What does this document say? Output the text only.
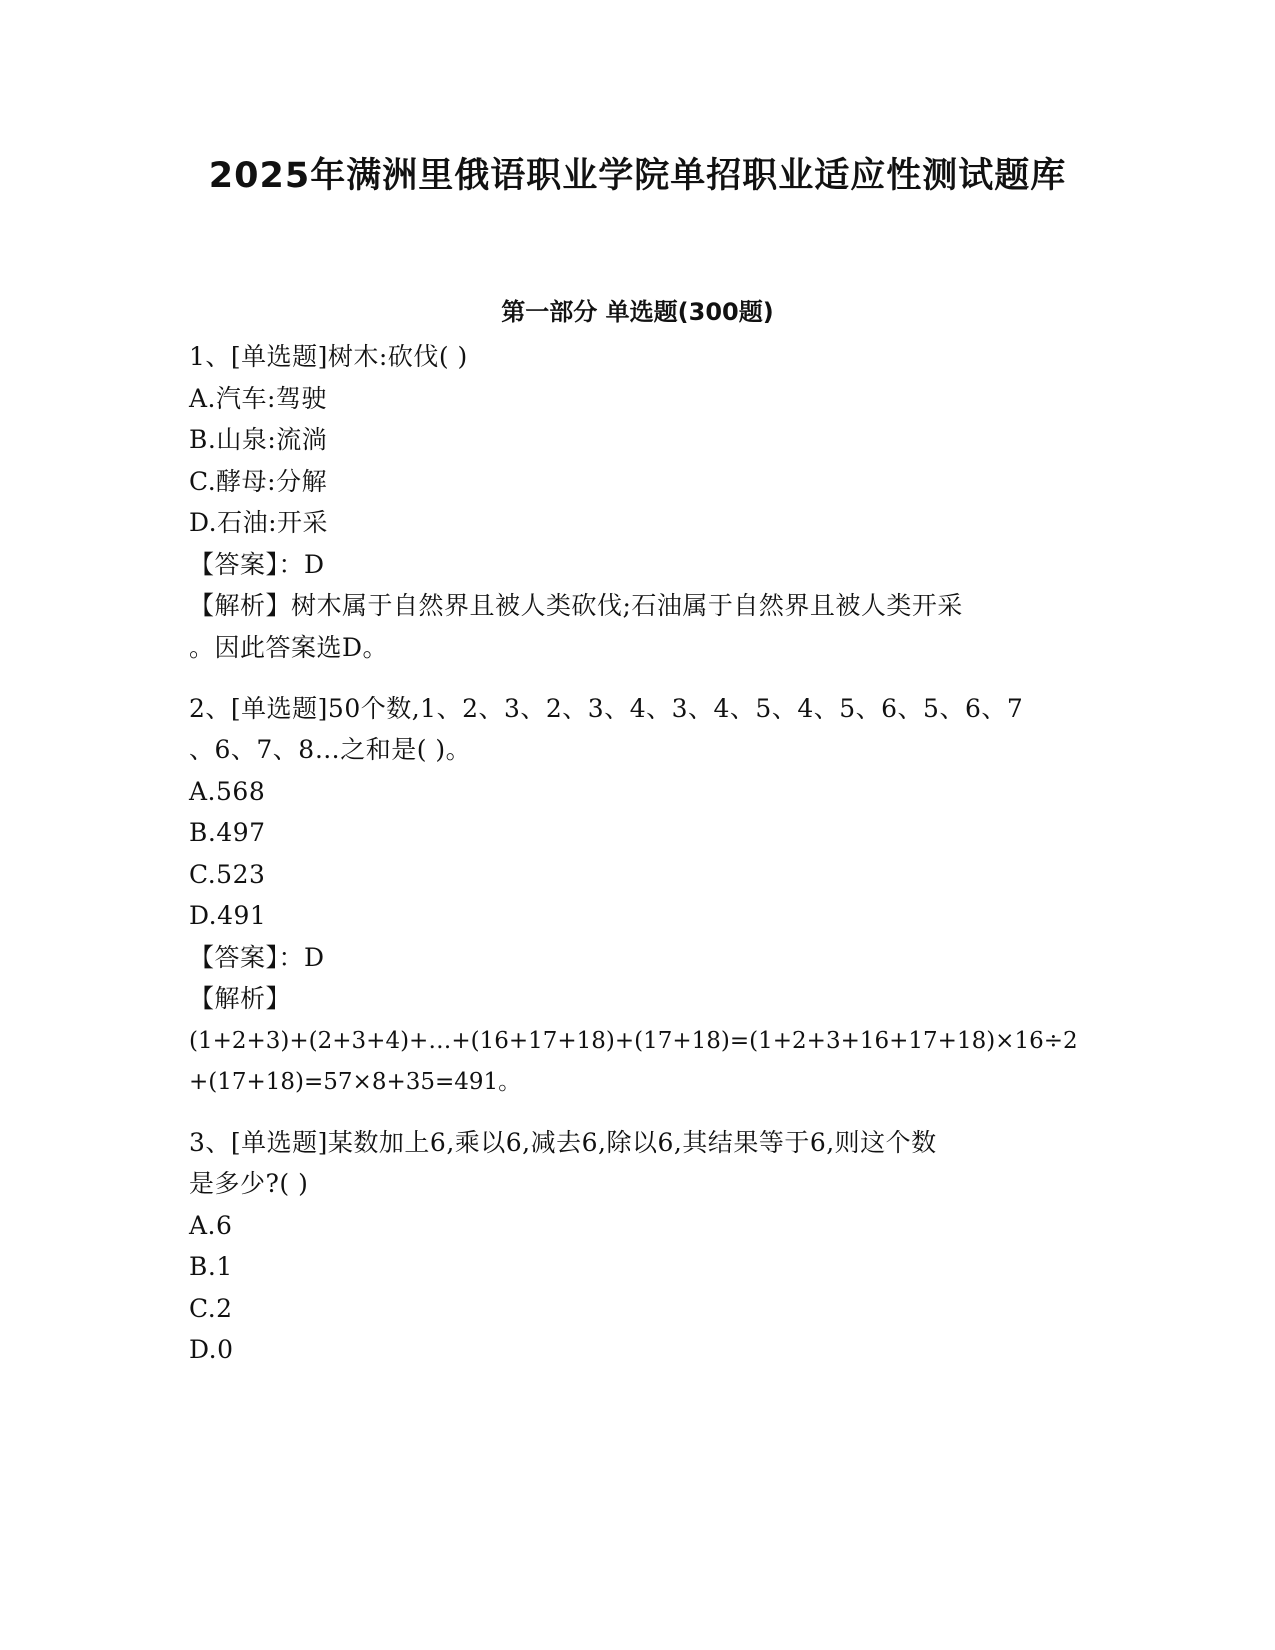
2025年满洲里俄语职业学院单招职业适应性测试题库
第一部分 单选题(300题)
1、[单选题]树木:砍伐( )
A.汽车:驾驶
B.山泉:流淌
C.酵母:分解
D.石油:开采
【答案】：D
【解析】树木属于自然界且被人类砍伐;石油属于自然界且被人类开采
。因此答案选D。
2、[单选题]50个数,1、2、3、2、3、4、3、4、5、4、5、6、5、6、7
、6、7、8…之和是( )。
A.568
B.497
C.523
D.491
【答案】：D
【解析】
(1+2+3)+(2+3+4)+…+(16+17+18)+(17+18)=(1+2+3+16+17+18)×16÷2
+(17+18)=57×8+35=491。
3、[单选题]某数加上6,乘以6,减去6,除以6,其结果等于6,则这个数
是多少?( )
A.6
B.1
C.2
D.0
